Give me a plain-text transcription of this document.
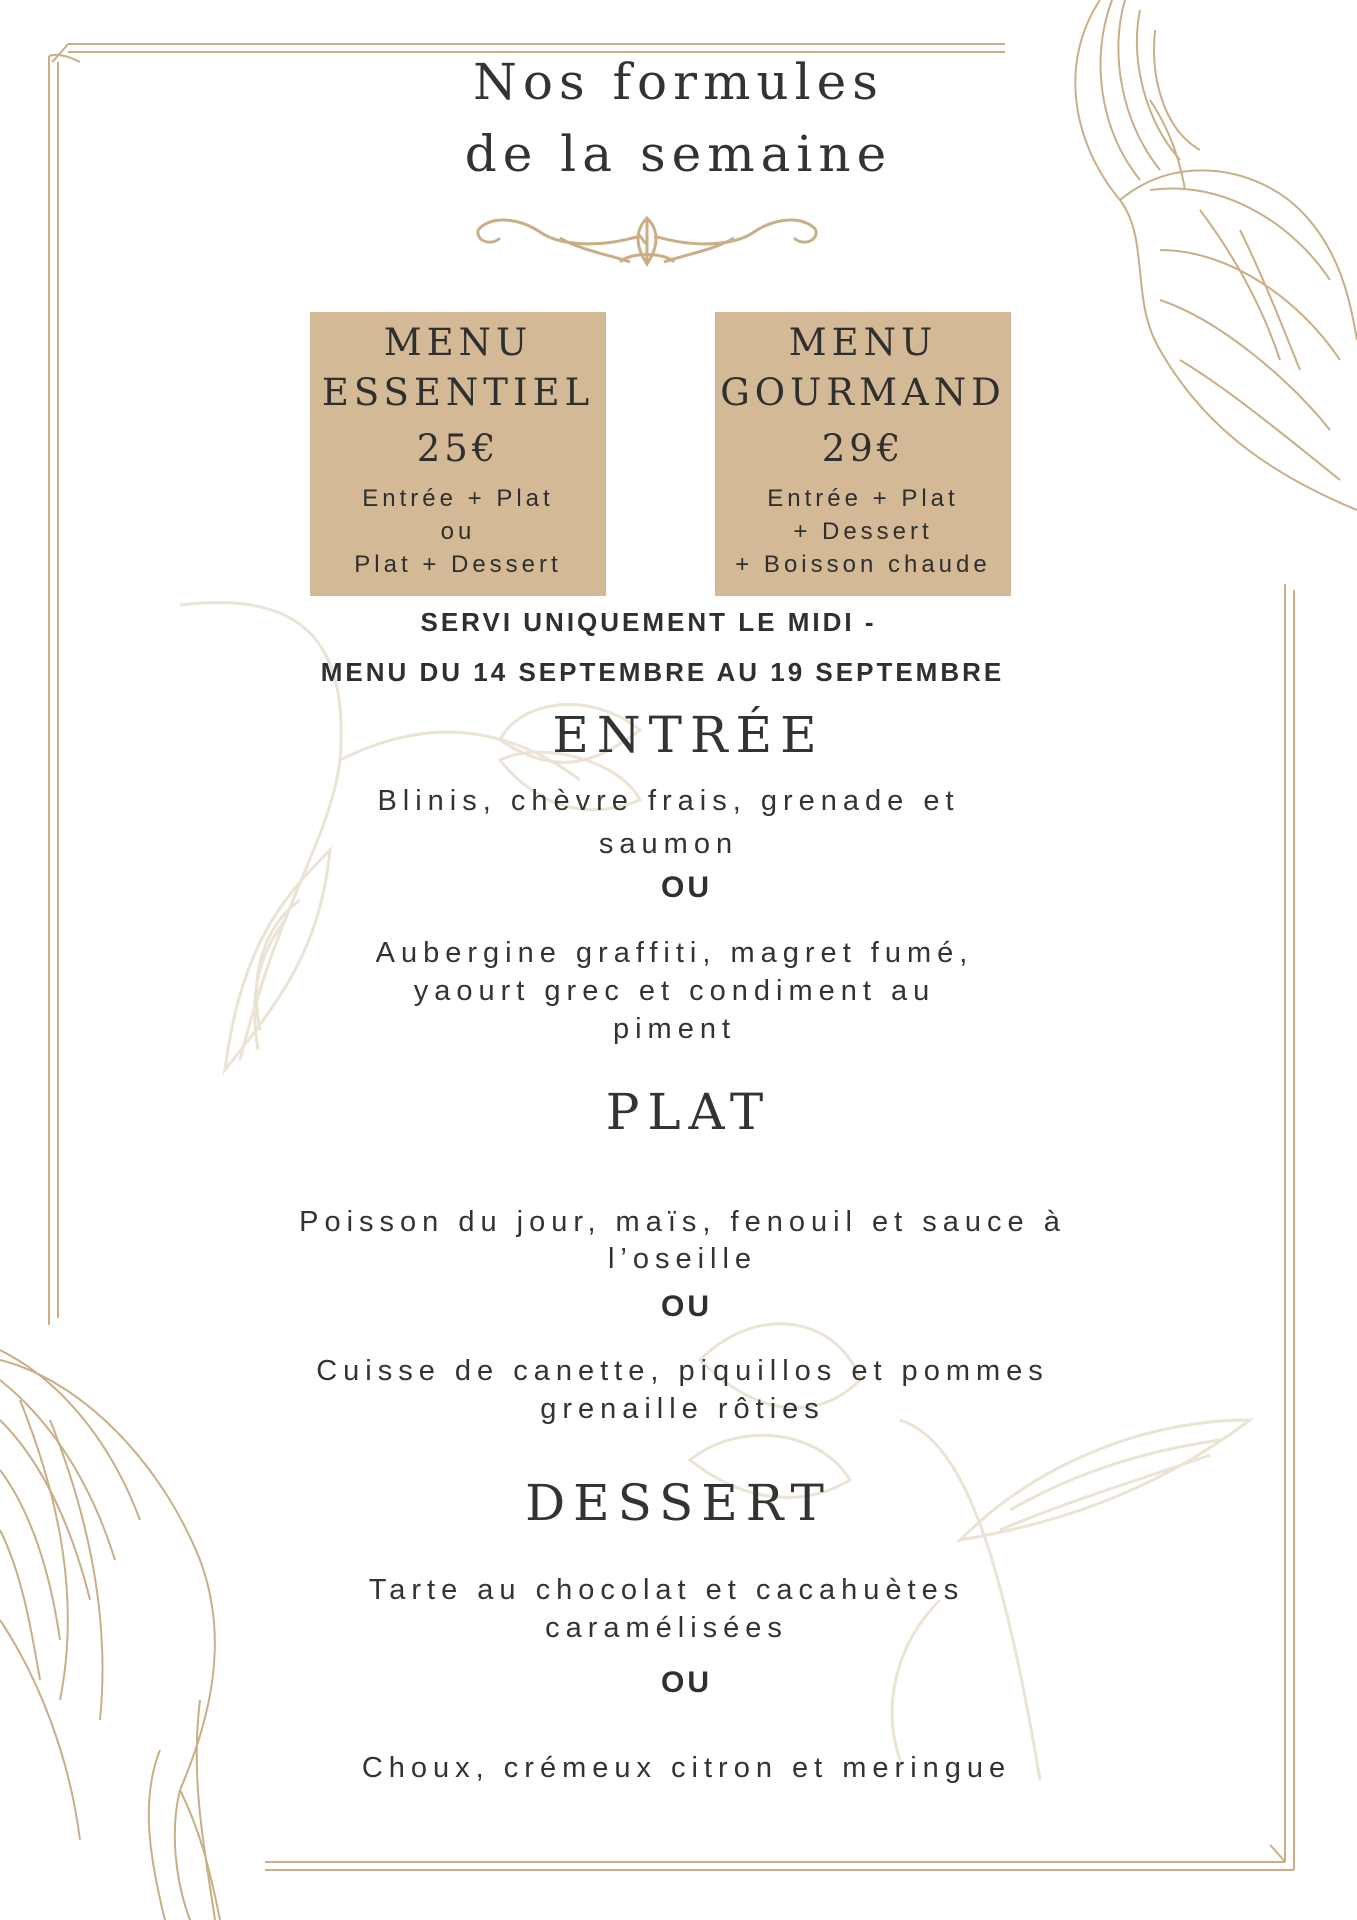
Nos formules
de la semaine
MENU
ESSENTIEL
25€
Entrée + Plat
ou
Plat + Dessert
MENU
GOURMAND
29€
Entrée + Plat
+ Dessert
+ Boisson chaude
SERVI UNIQUEMENT LE MIDI -
MENU DU 14 SEPTEMBRE AU 19 SEPTEMBRE
ENTRÉE
Blinis, chèvre frais, grenade et
saumon
OU
Aubergine graffiti, magret fumé,
yaourt grec et condiment au
piment
PLAT
Poisson du jour, maïs, fenouil et sauce à
l’oseille
OU
Cuisse de canette, piquillos et pommes
grenaille rôties
DESSERT
Tarte au chocolat et cacahuètes
caramélisées
OU
Choux, crémeux citron et meringue
